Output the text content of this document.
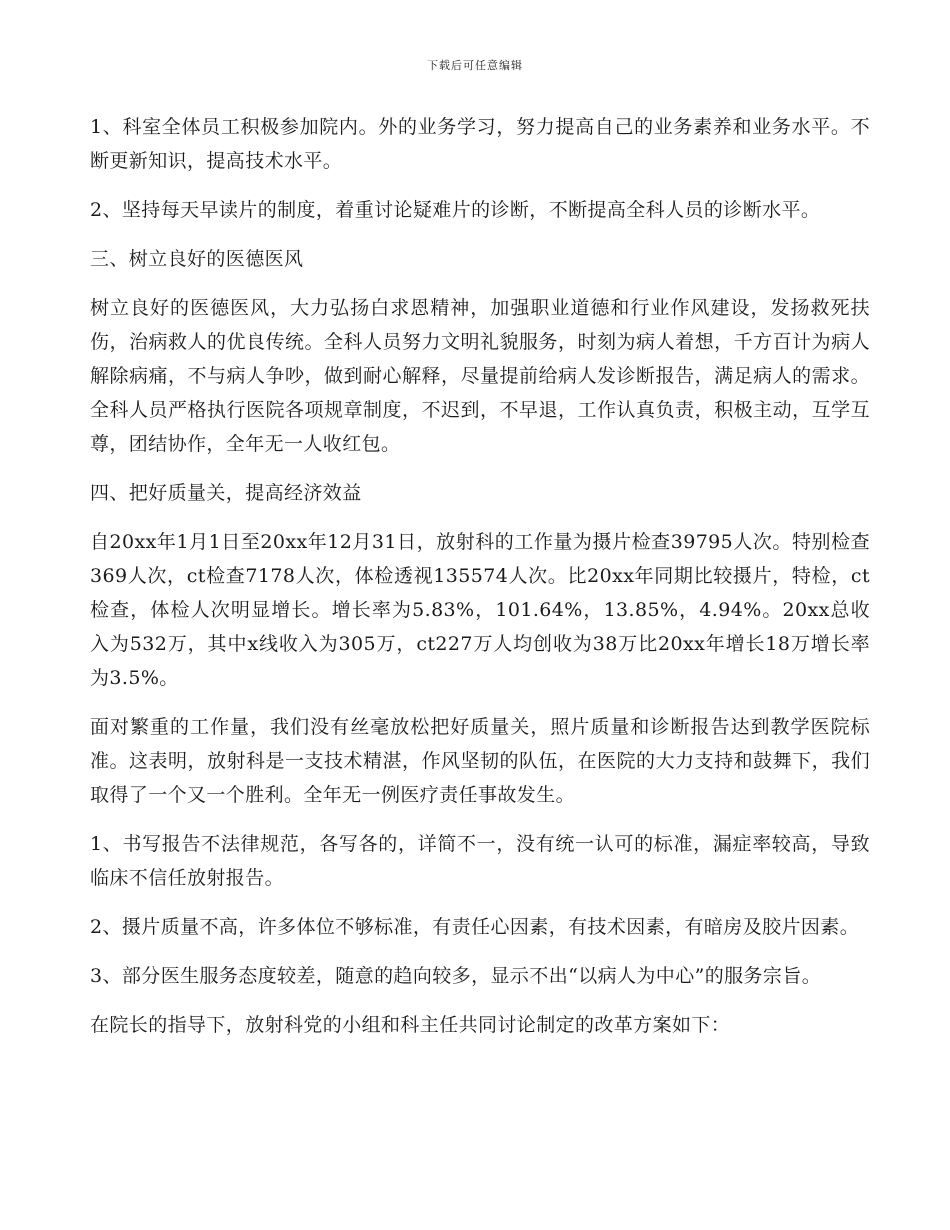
下载后可任意编辑

1、科室全体员工积极参加院内。外的业务学习，努力提高自己的业务素养和业务水平。不断更新知识，提高技术水平。

2、坚持每天早读片的制度，着重讨论疑难片的诊断，不断提高全科人员的诊断水平。

三、树立良好的医德医风

树立良好的医德医风，大力弘扬白求恩精神，加强职业道德和行业作风建设，发扬救死扶伤，治病救人的优良传统。全科人员努力文明礼貌服务，时刻为病人着想，千方百计为病人解除病痛，不与病人争吵，做到耐心解释，尽量提前给病人发诊断报告，满足病人的需求。全科人员严格执行医院各项规章制度，不迟到，不早退，工作认真负责，积极主动，互学互尊，团结协作，全年无一人收红包。

四、把好质量关，提高经济效益

自20xx年1月1日至20xx年12月31日，放射科的工作量为摄片检查39795人次。特别检查369人次，ct检查7178人次，体检透视135574人次。比20xx年同期比较摄片，特检，ct检查，体检人次明显增长。增长率为5.83%，101.64%，13.85%，4.94%。20xx总收入为532万，其中x线收入为305万，ct227万人均创收为38万比20xx年增长18万增长率为3.5%。

面对繁重的工作量，我们没有丝毫放松把好质量关，照片质量和诊断报告达到教学医院标准。这表明，放射科是一支技术精湛，作风坚韧的队伍，在医院的大力支持和鼓舞下，我们取得了一个又一个胜利。全年无一例医疗责任事故发生。

1、书写报告不法律规范，各写各的，详简不一，没有统一认可的标准，漏症率较高，导致临床不信任放射报告。

2、摄片质量不高，许多体位不够标准，有责任心因素，有技术因素，有暗房及胶片因素。

3、部分医生服务态度较差，随意的趋向较多，显示不出“以病人为中心”的服务宗旨。

在院长的指导下，放射科党的小组和科主任共同讨论制定的改革方案如下：
